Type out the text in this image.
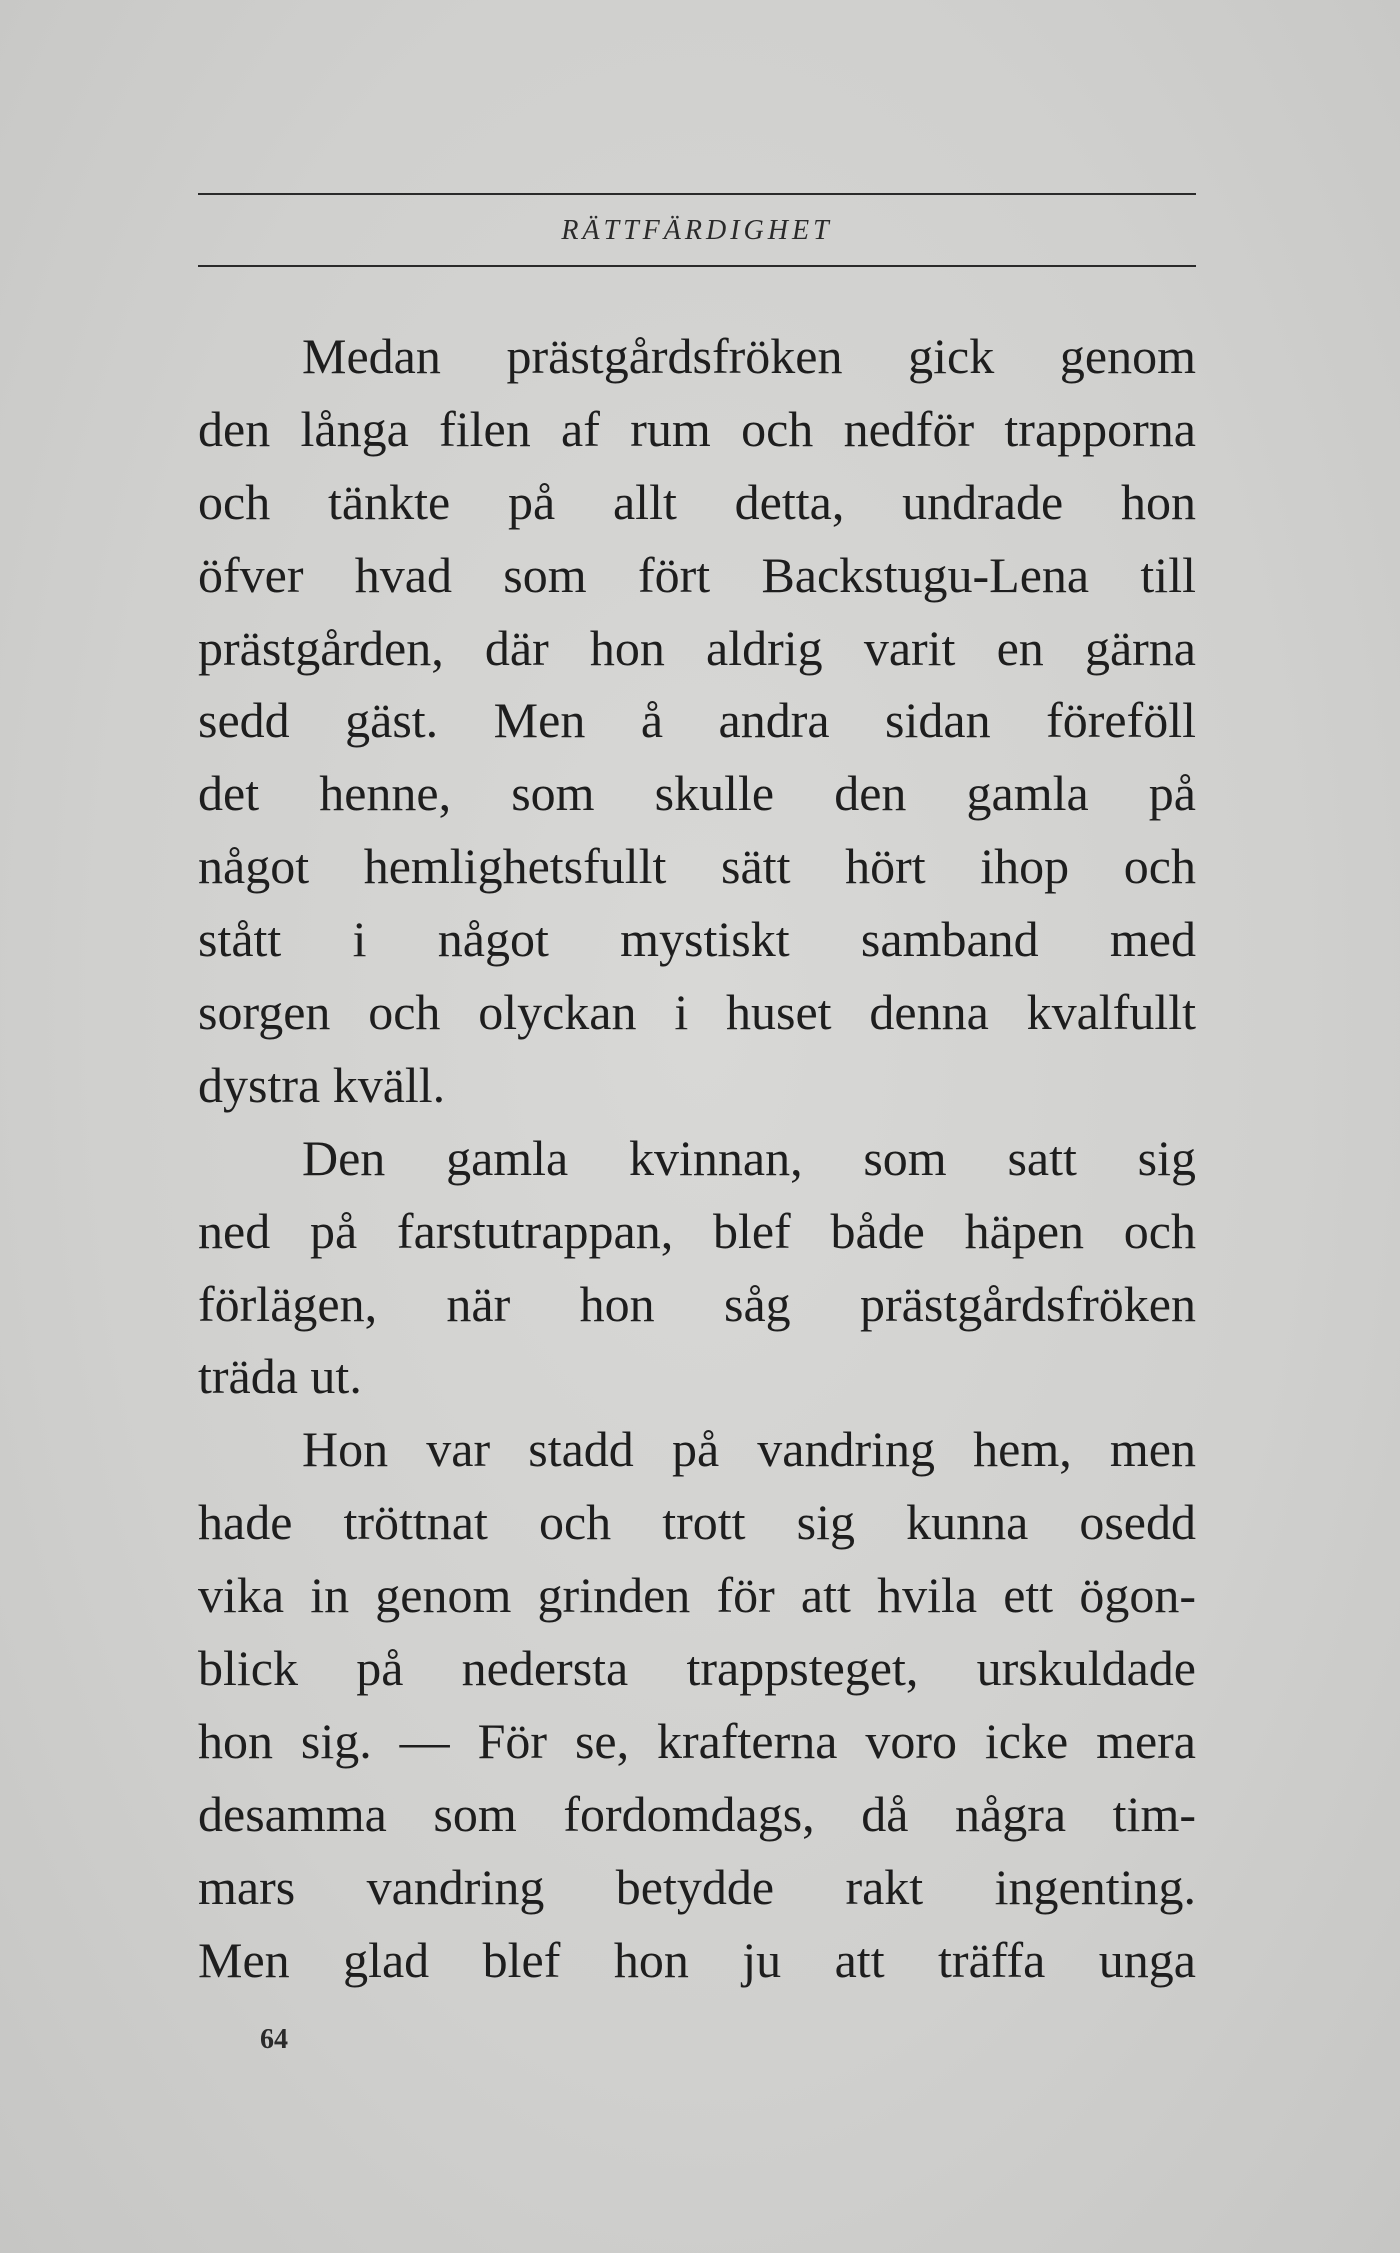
RÄTTFÄRDIGHET
Medan prästgårdsfröken gick genom
den långa filen af rum och nedför trapporna
och tänkte på allt detta, undrade hon
öfver hvad som fört Backstugu-Lena till
prästgården, där hon aldrig varit en gärna
sedd gäst. Men å andra sidan föreföll
det henne, som skulle den gamla på
något hemlighetsfullt sätt hört ihop och
stått i något mystiskt samband med
sorgen och olyckan i huset denna kvalfullt
dystra kväll.
Den gamla kvinnan, som satt sig
ned på farstutrappan, blef både häpen och
förlägen, när hon såg prästgårdsfröken
träda ut.
Hon var stadd på vandring hem, men
hade tröttnat och trott sig kunna osedd
vika in genom grinden för att hvila ett ögon-
blick på nedersta trappsteget, urskuldade
hon sig. — För se, krafterna voro icke mera
desamma som fordomdags, då några tim-
mars vandring betydde rakt ingenting.
Men glad blef hon ju att träffa unga
64
